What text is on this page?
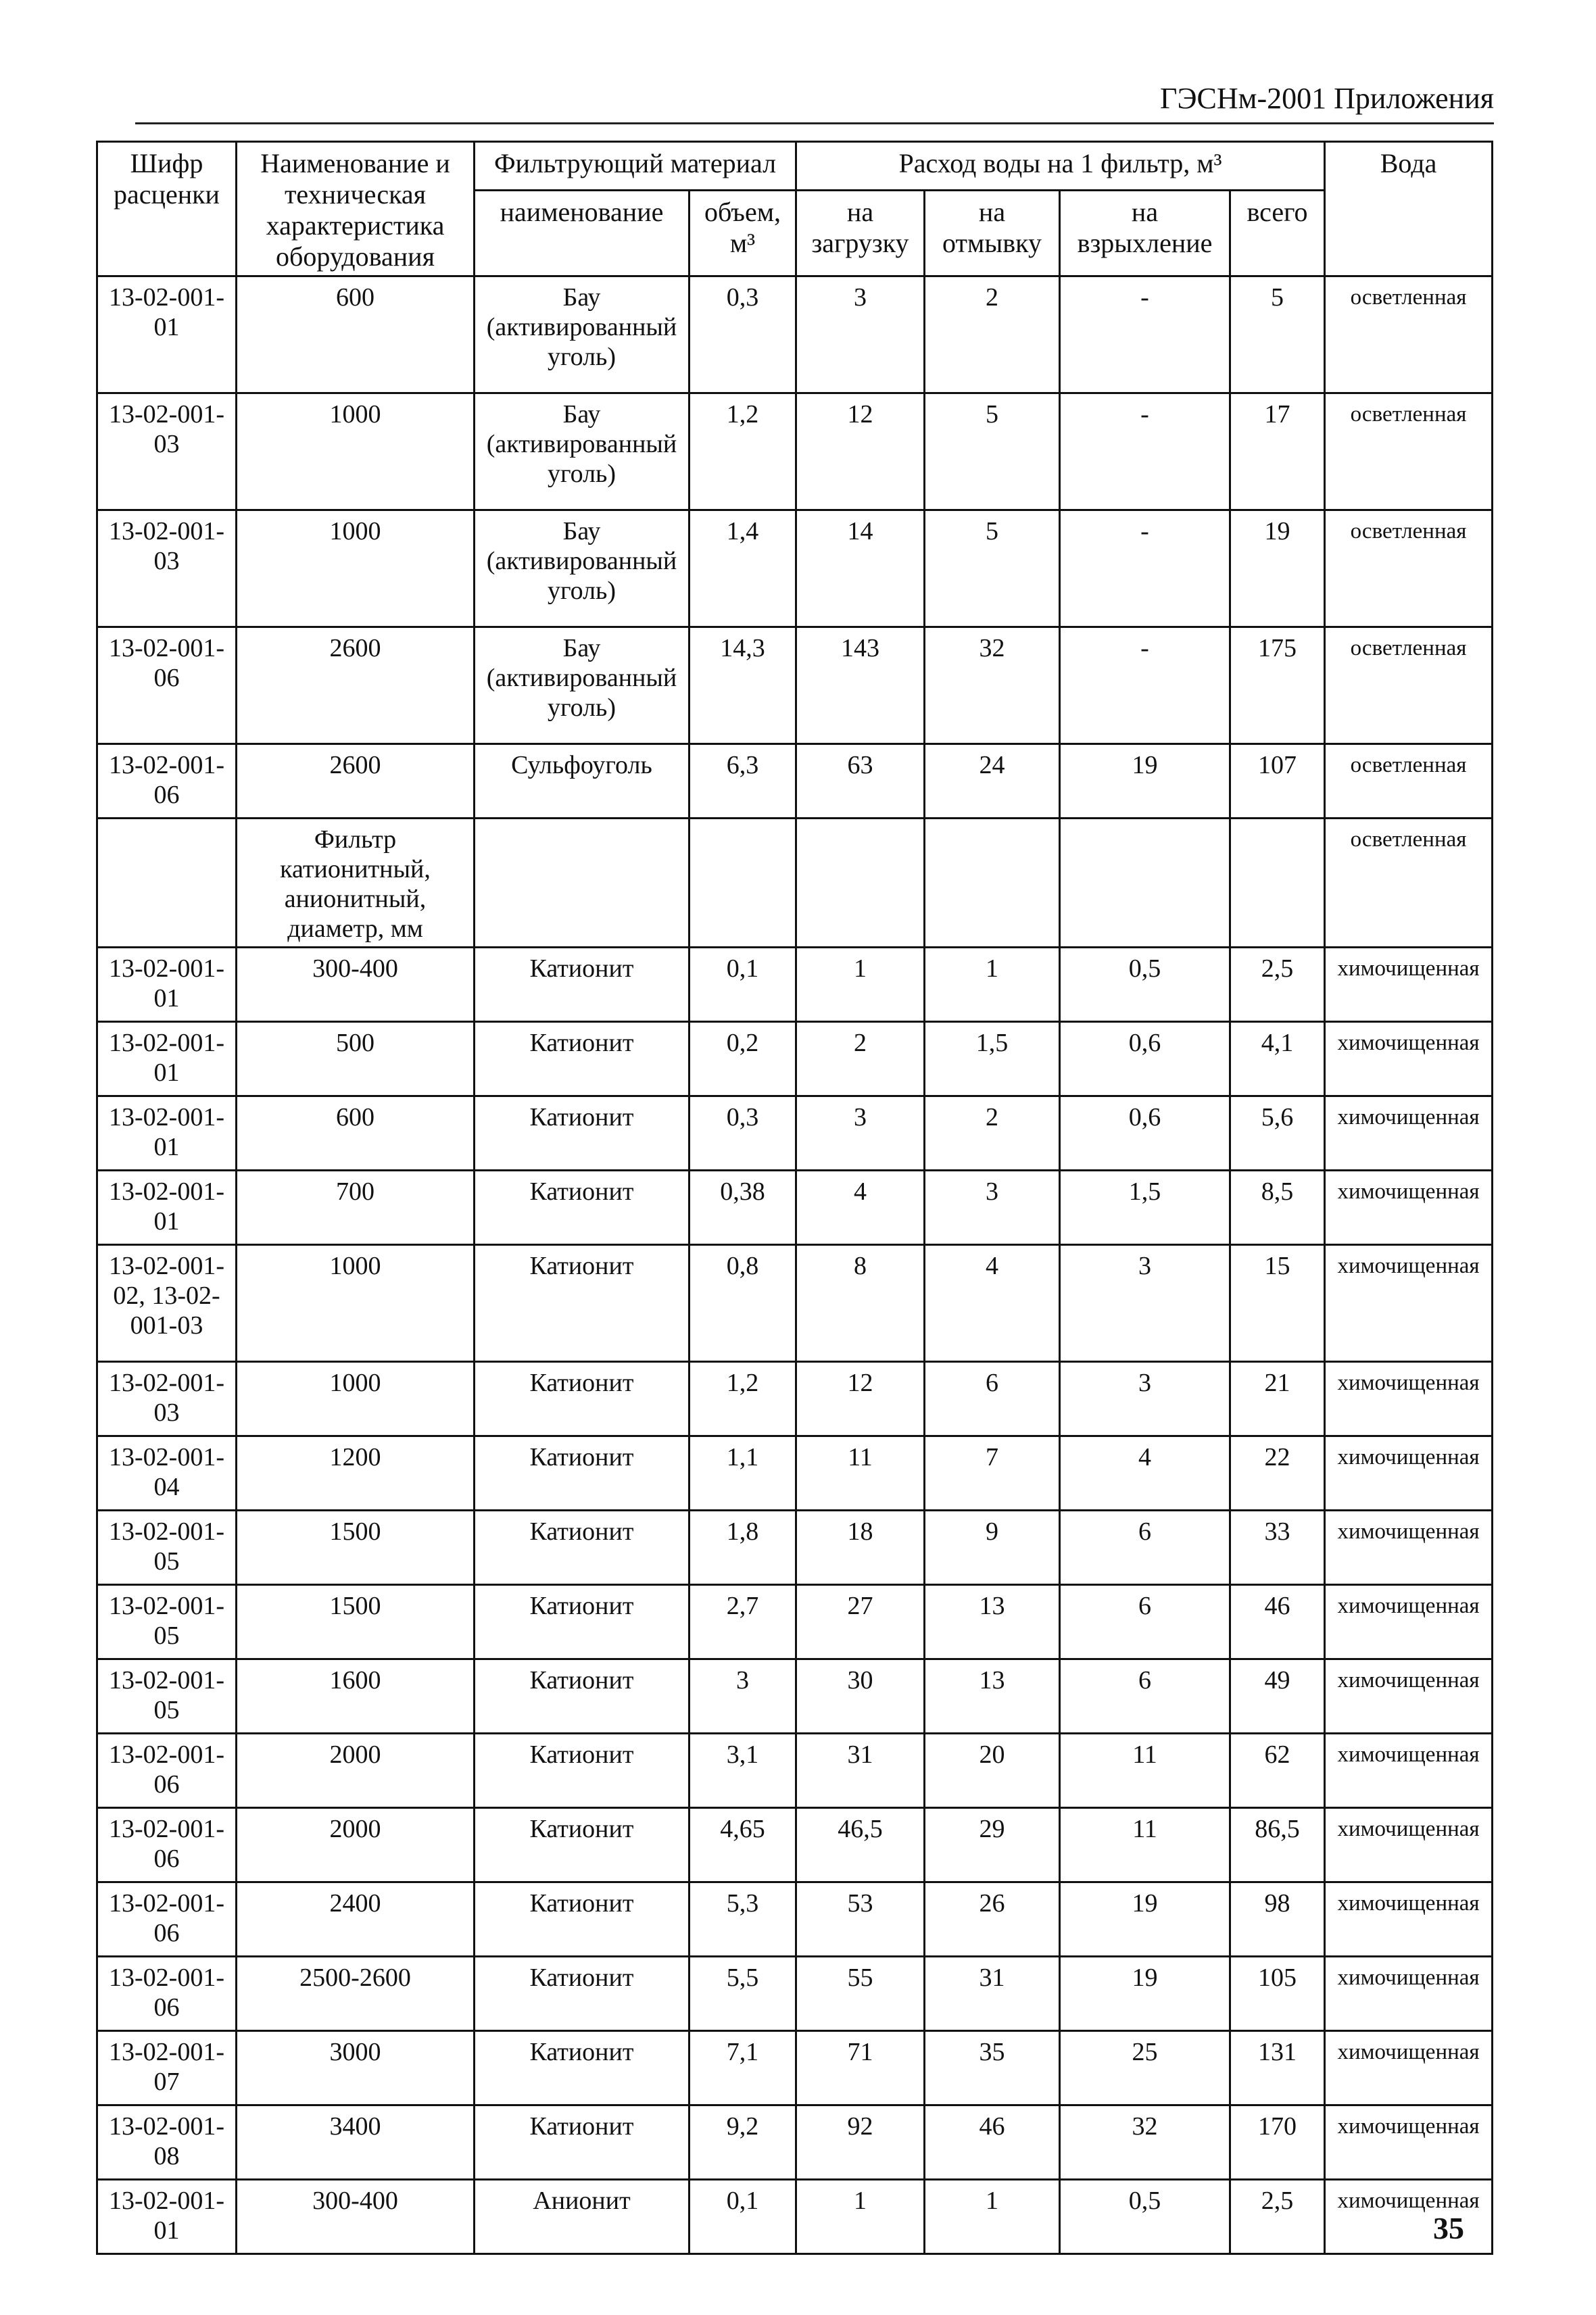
ГЭСНм-2001 Приложения
Шифр расценки	Наименование и техническая характеристика оборудования	Фильтрующий материал		Расход воды на 1 фильтр, м³				Вода
		наименование	объем, м³	на загрузку	на отмывку	на взрыхление	всего	
13-02-001-01	600	Бау (активированный уголь)	0,3	3	2	-	5	осветленная
13-02-001-03	1000	Бау (активированный уголь)	1,2	12	5	-	17	осветленная
13-02-001-03	1000	Бау (активированный уголь)	1,4	14	5	-	19	осветленная
13-02-001-06	2600	Бау (активированный уголь)	14,3	143	32	-	175	осветленная
13-02-001-06	2600	Сульфоуголь	6,3	63	24	19	107	осветленная
	Фильтр катионитный, анионитный, диаметр, мм							осветленная
13-02-001-01	300-400	Катионит	0,1	1	1	0,5	2,5	химочищенная
13-02-001-01	500	Катионит	0,2	2	1,5	0,6	4,1	химочищенная
13-02-001-01	600	Катионит	0,3	3	2	0,6	5,6	химочищенная
13-02-001-01	700	Катионит	0,38	4	3	1,5	8,5	химочищенная
13-02-001-02, 13-02-001-03	1000	Катионит	0,8	8	4	3	15	химочищенная
13-02-001-03	1000	Катионит	1,2	12	6	3	21	химочищенная
13-02-001-04	1200	Катионит	1,1	11	7	4	22	химочищенная
13-02-001-05	1500	Катионит	1,8	18	9	6	33	химочищенная
13-02-001-05	1500	Катионит	2,7	27	13	6	46	химочищенная
13-02-001-05	1600	Катионит	3	30	13	6	49	химочищенная
13-02-001-06	2000	Катионит	3,1	31	20	11	62	химочищенная
13-02-001-06	2000	Катионит	4,65	46,5	29	11	86,5	химочищенная
13-02-001-06	2400	Катионит	5,3	53	26	19	98	химочищенная
13-02-001-06	2500-2600	Катионит	5,5	55	31	19	105	химочищенная
13-02-001-07	3000	Катионит	7,1	71	35	25	131	химочищенная
13-02-001-08	3400	Катионит	9,2	92	46	32	170	химочищенная
13-02-001-01	300-400	Анионит	0,1	1	1	0,5	2,5	химочищенная
35
